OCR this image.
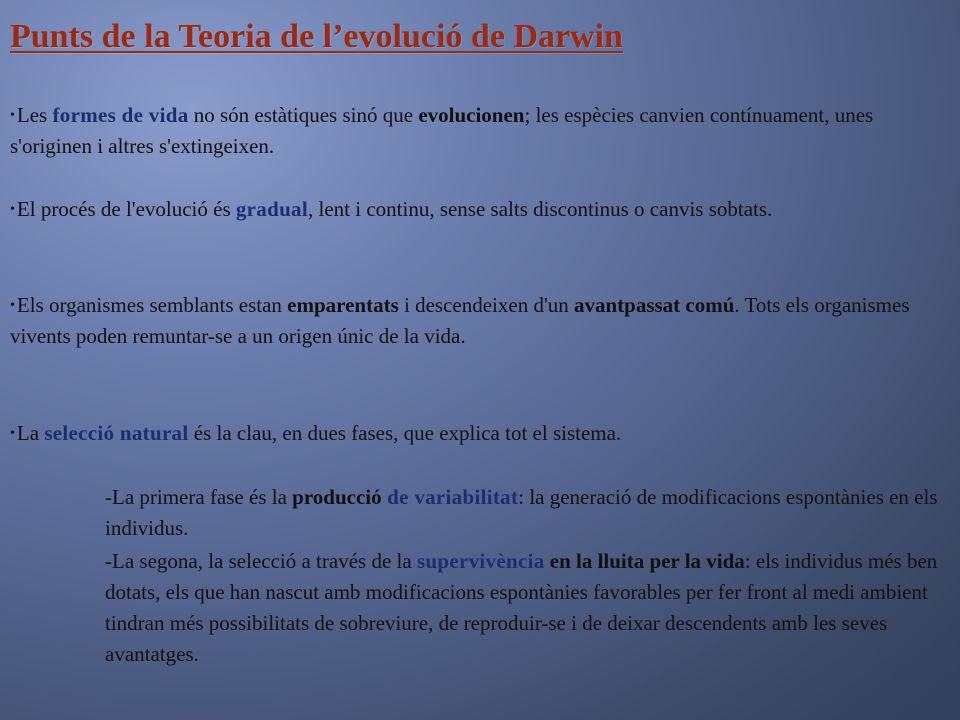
Punts de la Teoria de l’evolució de Darwin

•Les formes de vida no són estàtiques sinó que evolucionen; les espècies canvien contínuament, unes s'originen i altres s'extingeixen.

•El procés de l'evolució és gradual, lent i continu, sense salts discontinus o canvis sobtats.

•Els organismes semblants estan emparentats i descendeixen d'un avantpassat comú. Tots els organismes vivents poden remuntar-se a un origen únic de la vida.

•La selecció natural és la clau, en dues fases, que explica tot el sistema.

-La primera fase és la producció de variabilitat: la generació de modificacions espontànies en els individus.

-La segona, la selecció a través de la supervivència en la lluita per la vida: els individus més ben dotats, els que han nascut amb modificacions espontànies favorables per fer front al medi ambient tindran més possibilitats de sobreviure, de reproduir-se i de deixar descendents amb les seves avantatges.
